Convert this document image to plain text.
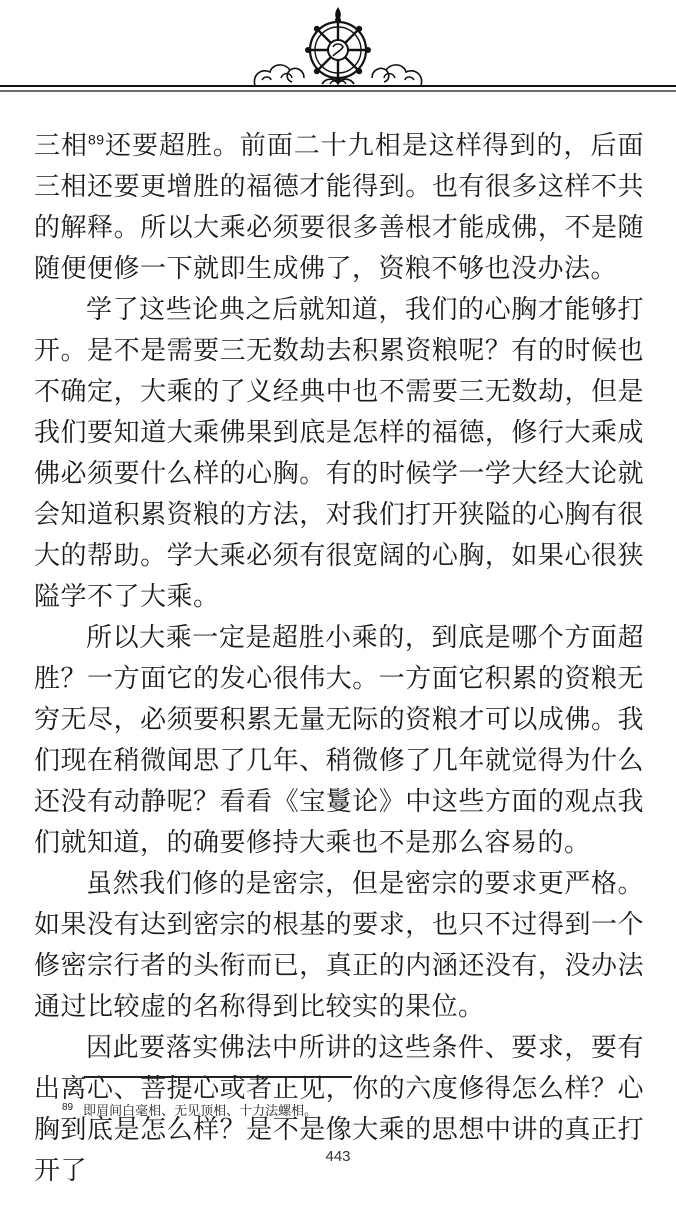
三相$^{89}$还要超胜。前面二十九相是这样得到的，后面三相还要更增胜的福德才能得到。也有很多这样不共的解释。所以大乘必须要很多善根才能成佛，不是随随便便修一下就即生成佛了，资粮不够也没办法。

学了这些论典之后就知道，我们的心胸才能够打开。是不是需要三无数劫去积累资粮呢？有的时候也不确定，大乘的了义经典中也不需要三无数劫，但是我们要知道大乘佛果到底是怎样的福德，修行大乘成佛必须要什么样的心胸。有的时候学一学大经大论就会知道积累资粮的方法，对我们打开狭隘的心胸有很大的帮助。学大乘必须有很宽阔的心胸，如果心很狭隘学不了大乘。

所以大乘一定是超胜小乘的，到底是哪个方面超胜？一方面它的发心很伟大。一方面它积累的资粮无穷无尽，必须要积累无量无际的资粮才可以成佛。我们现在稍微闻思了几年、稍微修了几年就觉得为什么还没有动静呢？看看《宝鬘论》中这些方面的观点我们就知道，的确要修持大乘也不是那么容易的。

虽然我们修的是密宗，但是密宗的要求更严格。如果没有达到密宗的根基的要求，也只不过得到一个修密宗行者的头衔而已，真正的内涵还没有，没办法通过比较虚的名称得到比较实的果位。

因此要落实佛法中所讲的这些条件、要求，要有出离心、菩提心或者正见，你的六度修得怎么样？心胸到底是怎么样？是不是像大乘的思想中讲的真正打开了

$^{89}$ 即眉间白毫相、无见顶相、十力法螺相。
443
